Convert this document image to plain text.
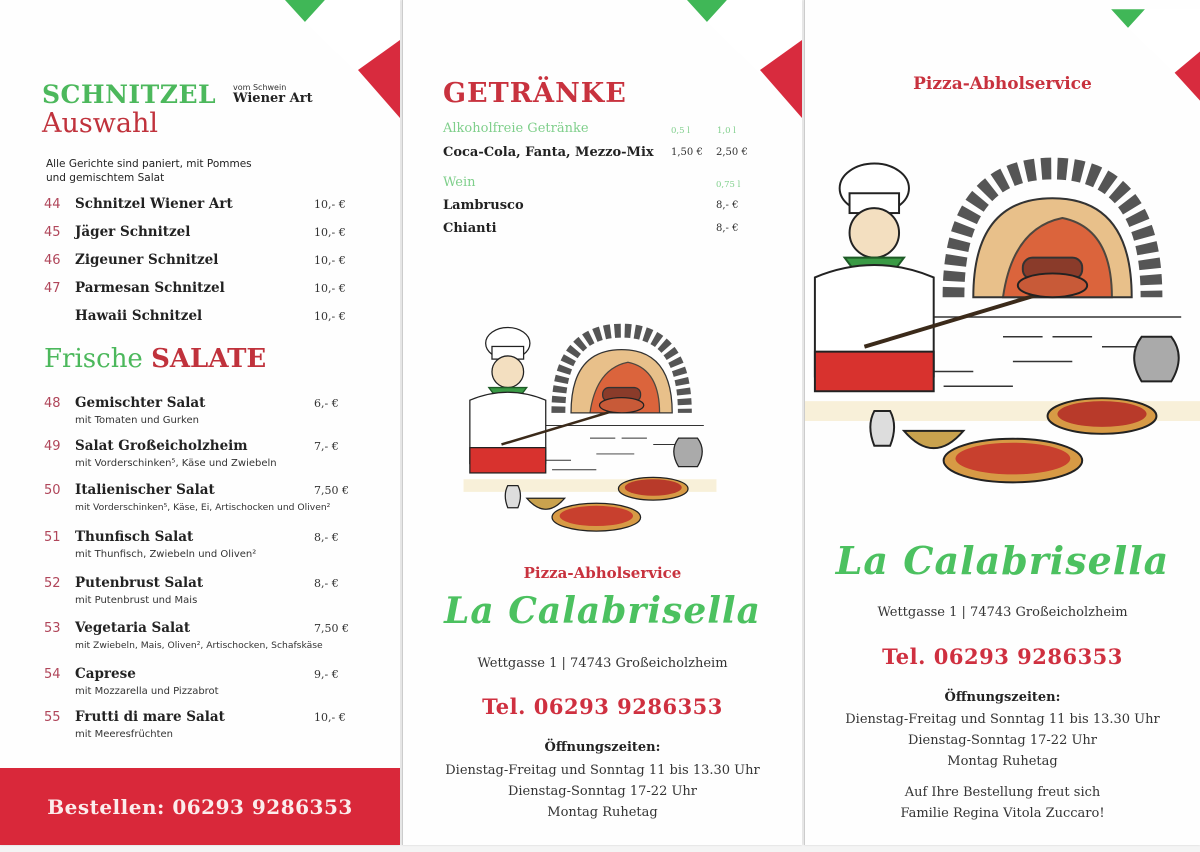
SCHNITZEL vom Schwein
Wiener Art
Auswahl
Alle Gerichte sind paniert, mit Pommes
und gemischtem Salat
44 Schnitzel Wiener Art	10,- €
45 Jäger Schnitzel	10,- €
46 Zigeuner Schnitzel	10,- €
47 Parmesan Schnitzel	10,- €
Hawaii Schnitzel	10,- €
Frische SALATE
48 Gemischter Salat	6,- €
mit Tomaten und Gurken
49 Salat Großeicholzheim	7,- €
mit Vorderschinken⁵, Käse und Zwiebeln
50 Italienischer Salat	7,50 €
mit Vorderschinken⁵, Käse, Ei, Artischocken und Oliven²
51 Thunfisch Salat	8,- €
mit Thunfisch, Zwiebeln und Oliven²
52 Putenbrust Salat	8,- €
mit Putenbrust und Mais
53 Vegetaria Salat	7,50 €
mit Zwiebeln, Mais, Oliven², Artischocken, Schafskäse
54 Caprese	9,- €
mit Mozzarella und Pizzabrot
55 Frutti di mare Salat	10,- €
mit Meeresfrüchten
Bestellen: 06293 9286353
GETRÄNKE
Alkoholfreie Getränke	0,5 l	1,0 l
Coca-Cola, Fanta, Mezzo-Mix 1,50 € 2,50 €
Wein	0,75 l
Lambrusco	8,- €
Chianti	8,- €
Pizza-Abholservice
La Calabrisella
Wettgasse 1 | 74743 Großeicholzheim
Tel. 06293 9286353
Öffnungszeiten:
Dienstag-Freitag und Sonntag 11 bis 13.30 Uhr
Dienstag-Sonntag 17-22 Uhr
Montag Ruhetag
Pizza-Abholservice
La Calabrisella
Wettgasse 1 | 74743 Großeicholzheim
Tel. 06293 9286353
Öffnungszeiten:
Dienstag-Freitag und Sonntag 11 bis 13.30 Uhr
Dienstag-Sonntag 17-22 Uhr
Montag Ruhetag
Auf Ihre Bestellung freut sich
Familie Regina Vitola Zuccaro!
